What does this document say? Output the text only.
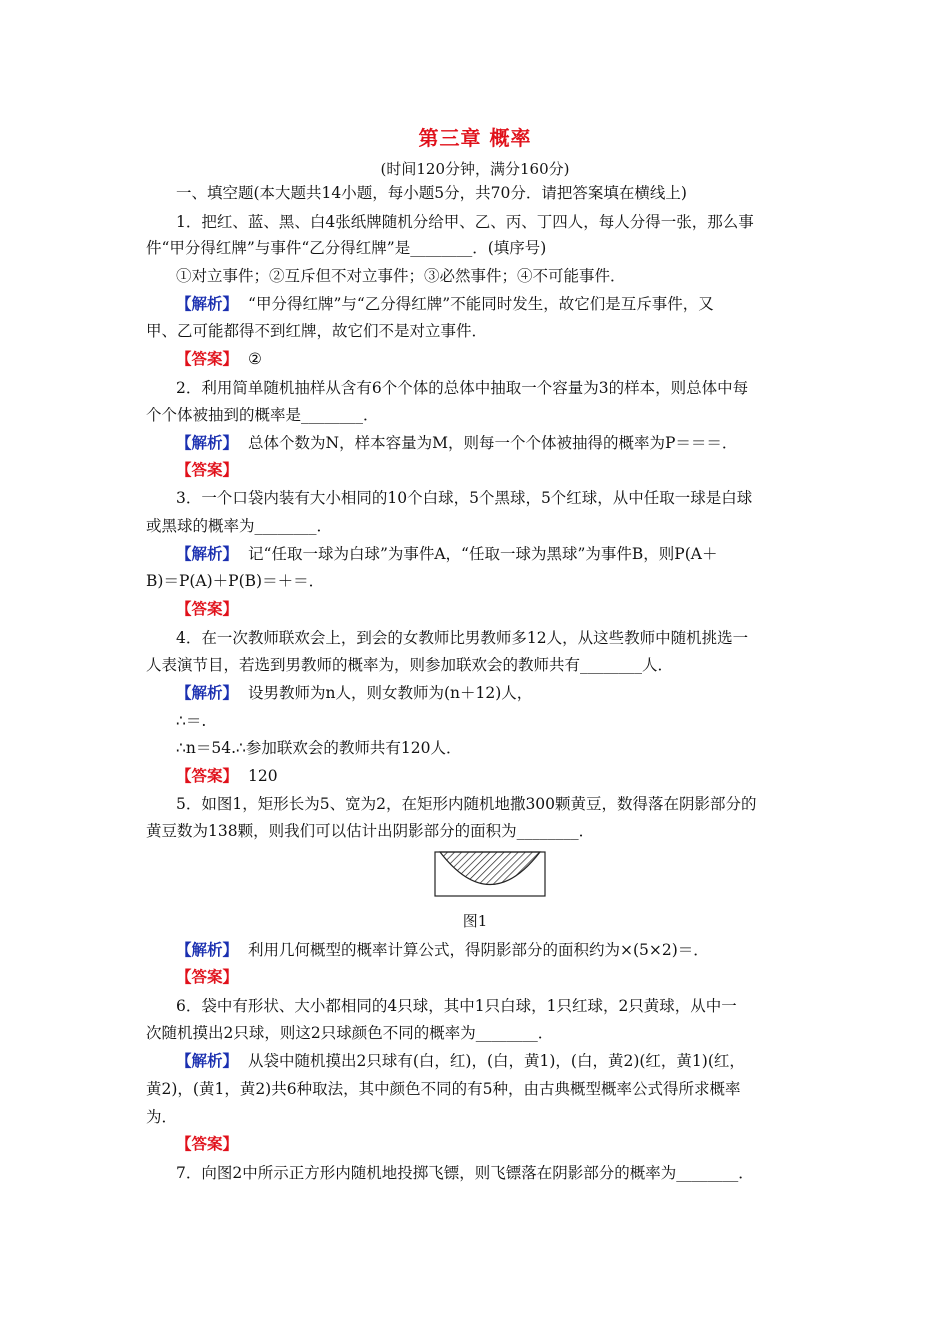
第三章 概率
(时间120分钟，满分160分)
一、填空题(本大题共14小题，每小题5分，共70分．请把答案填在横线上)
1．把红、蓝、黑、白4张纸牌随机分给甲、乙、丙、丁四人，每人分得一张，那么事
件“甲分得红牌”与事件“乙分得红牌”是________．(填序号)
①对立事件；②互斥但不对立事件；③必然事件；④不可能事件．
【解析】 “甲分得红牌”与“乙分得红牌”不能同时发生，故它们是互斥事件，又
甲、乙可能都得不到红牌，故它们不是对立事件．
【答案】 ②
2．利用简单随机抽样从含有6个个体的总体中抽取一个容量为3的样本，则总体中每
个个体被抽到的概率是________．
【解析】 总体个数为N，样本容量为M，则每一个个体被抽得的概率为P＝＝＝．
【答案】
3．一个口袋内装有大小相同的10个白球，5个黑球，5个红球，从中任取一球是白球
或黑球的概率为________．
【解析】 记“任取一球为白球”为事件A，“任取一球为黑球”为事件B，则P(A＋
B)＝P(A)＋P(B)＝＋＝．
【答案】
4．在一次教师联欢会上，到会的女教师比男教师多12人，从这些教师中随机挑选一
人表演节目，若选到男教师的概率为，则参加联欢会的教师共有________人．
【解析】 设男教师为n人，则女教师为(n＋12)人，
∴＝.
∴n＝54.∴参加联欢会的教师共有120人．
【答案】 120
5．如图1，矩形长为5、宽为2，在矩形内随机地撒300颗黄豆，数得落在阴影部分的
黄豆数为138颗，则我们可以估计出阴影部分的面积为________．
图1
【解析】 利用几何概型的概率计算公式，得阴影部分的面积约为×(5×2)＝．
【答案】
6．袋中有形状、大小都相同的4只球，其中1只白球，1只红球，2只黄球，从中一
次随机摸出2只球，则这2只球颜色不同的概率为________．
【解析】 从袋中随机摸出2只球有(白，红)，(白，黄1)，(白，黄2)(红，黄1)(红，
黄2)，(黄1，黄2)共6种取法，其中颜色不同的有5种，由古典概型概率公式得所求概率
为．
【答案】
7．向图2中所示正方形内随机地投掷飞镖，则飞镖落在阴影部分的概率为________．
